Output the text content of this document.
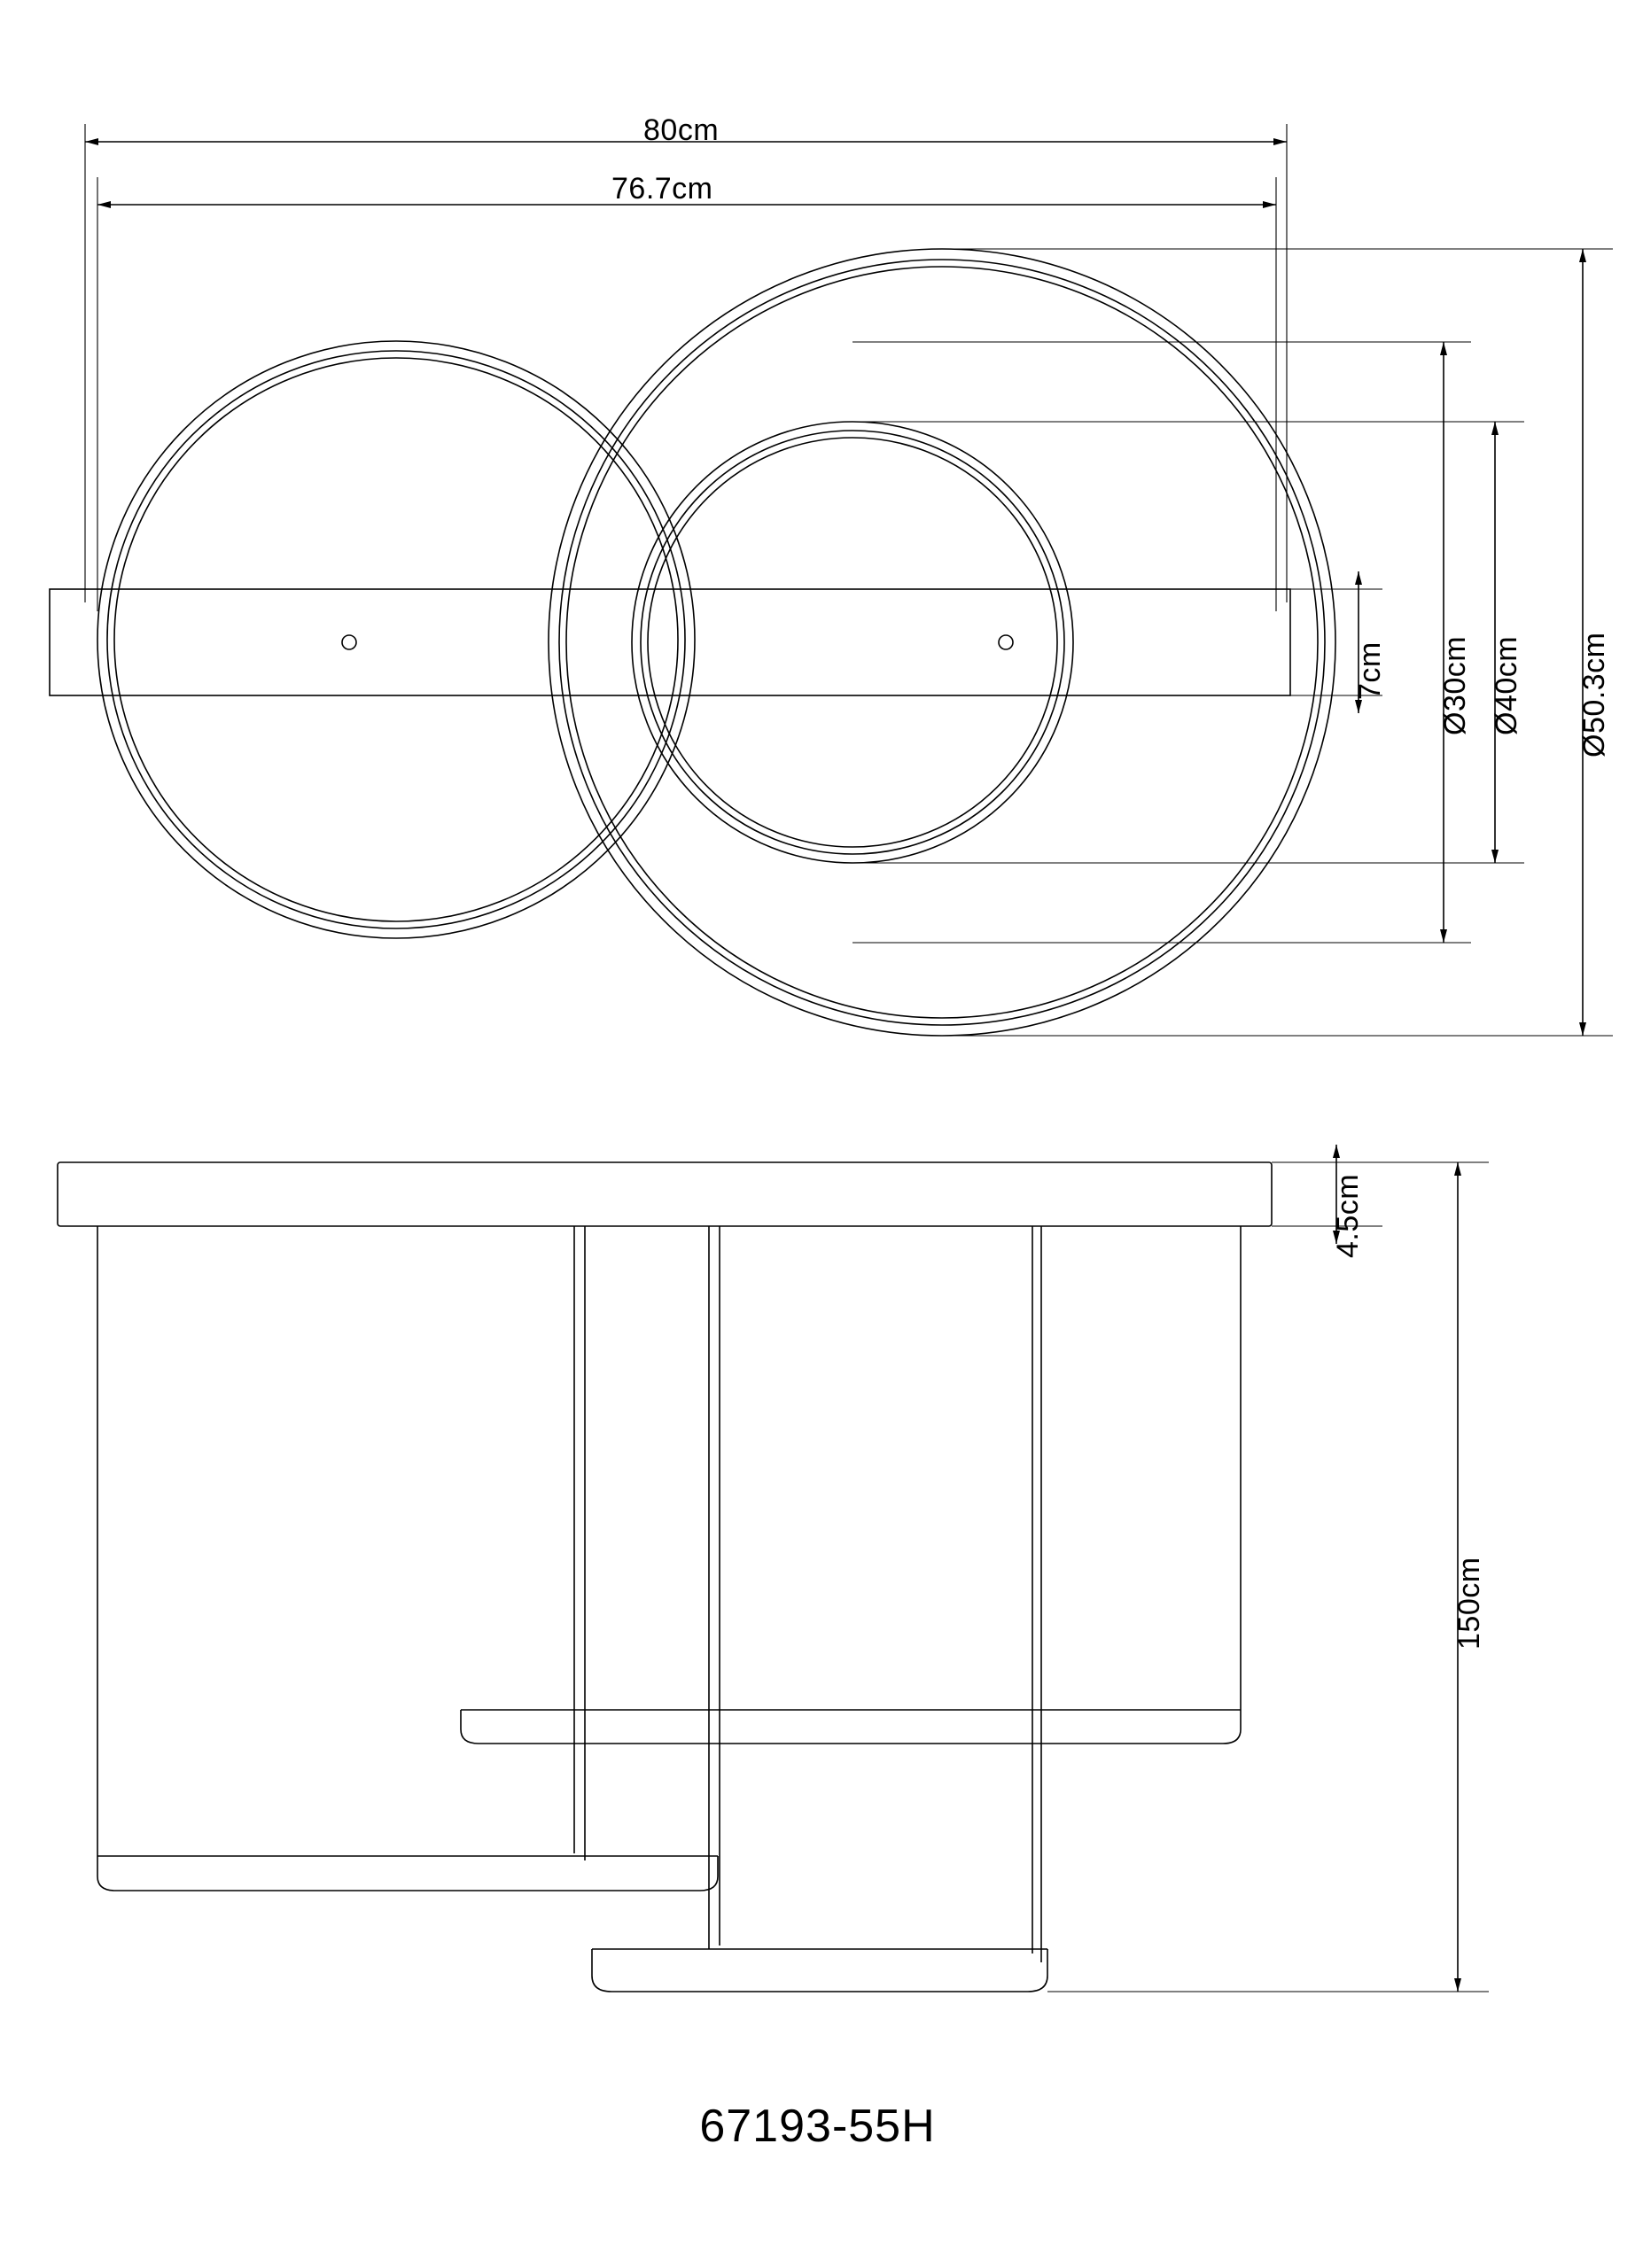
80cm
76.7cm
7cm Ø30cm Ø40cm Ø50.3cm
4.5cm
150cm
67193-55H
